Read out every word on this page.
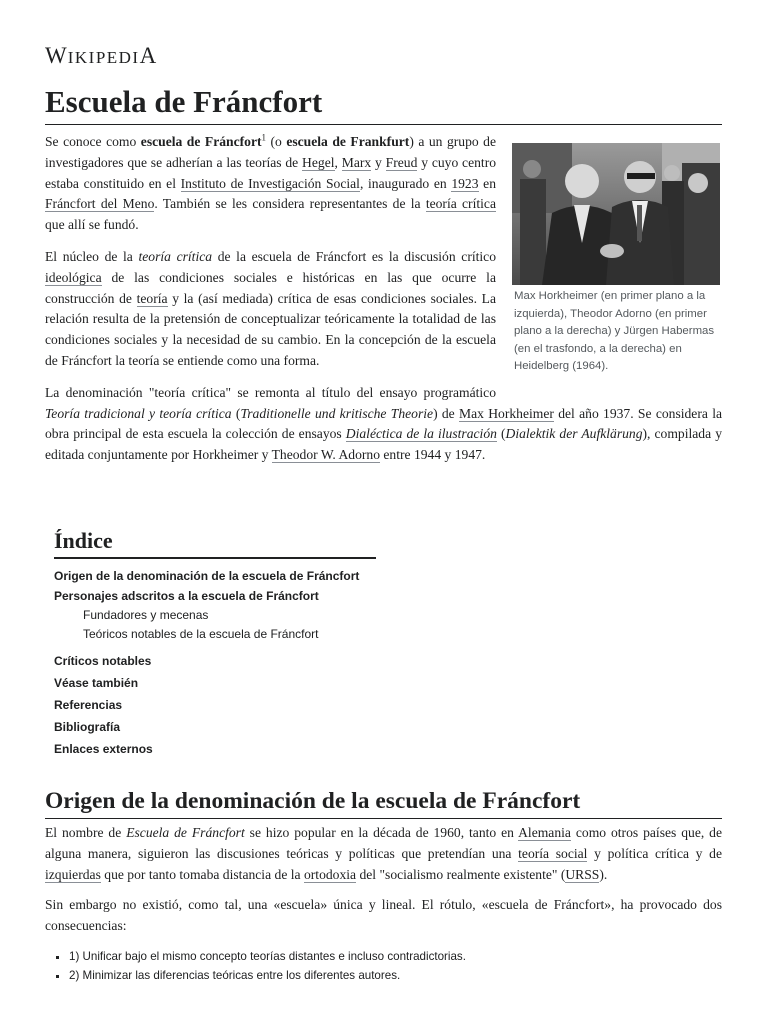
WIKIPEDIA
Escuela de Fráncfort
Max Horkheimer (en primer plano a la izquierda), Theodor Adorno (en primer plano a la derecha) y Jürgen Habermas (en el trasfondo, a la derecha) en Heidelberg (1964).

Se conoce como escuela de Fráncfort$^1$ (o escuela de Frankfurt) a un grupo de investigadores que se adherían a las teorías de Hegel, Marx y Freud y cuyo centro estaba constituido en el Instituto de Investigación Social, inaugurado en 1923 en Fráncfort del Meno. También se les considera representantes de la teoría crítica que allí se fundó.

El núcleo de la teoría crítica de la escuela de Fráncfort es la discusión crítico ideológica de las condiciones sociales e históricas en las que ocurre la construcción de teoría y la (así mediada) crítica de esas condiciones sociales. La relación resulta de la pretensión de conceptualizar teóricamente la totalidad de las condiciones sociales y la necesidad de su cambio. En la concepción de la escuela de Fráncfort la teoría se entiende como una forma.

La denominación "teoría crítica" se remonta al título del ensayo programático Teoría tradicional y teoría crítica (Traditionelle und kritische Theorie) de Max Horkheimer del año 1937. Se considera la obra principal de esta escuela la colección de ensayos Dialéctica de la ilustración (Dialektik der Aufklärung), compilada y editada conjuntamente por Horkheimer y Theodor W. Adorno entre 1944 y 1947.

Índice
Origen de la denominación de la escuela de Fráncfort
Personajes adscritos a la escuela de Fráncfort
Fundadores y mecenas
Teóricos notables de la escuela de Fráncfort
Críticos notables
Véase también
Referencias
Bibliografía
Enlaces externos
Origen de la denominación de la escuela de Fráncfort

El nombre de Escuela de Fráncfort se hizo popular en la década de 1960, tanto en Alemania como otros países que, de alguna manera, siguieron las discusiones teóricas y políticas que pretendían una teoría social y política crítica y de izquierdas que por tanto tomaba distancia de la ortodoxia del "socialismo realmente existente" (URSS).

Sin embargo no existió, como tal, una «escuela» única y lineal. El rótulo, «escuela de Fráncfort», ha provocado dos consecuencias:

▪ 1) Unificar bajo el mismo concepto teorías distantes e incluso contradictorias.
▪ 2) Minimizar las diferencias teóricas entre los diferentes autores.
